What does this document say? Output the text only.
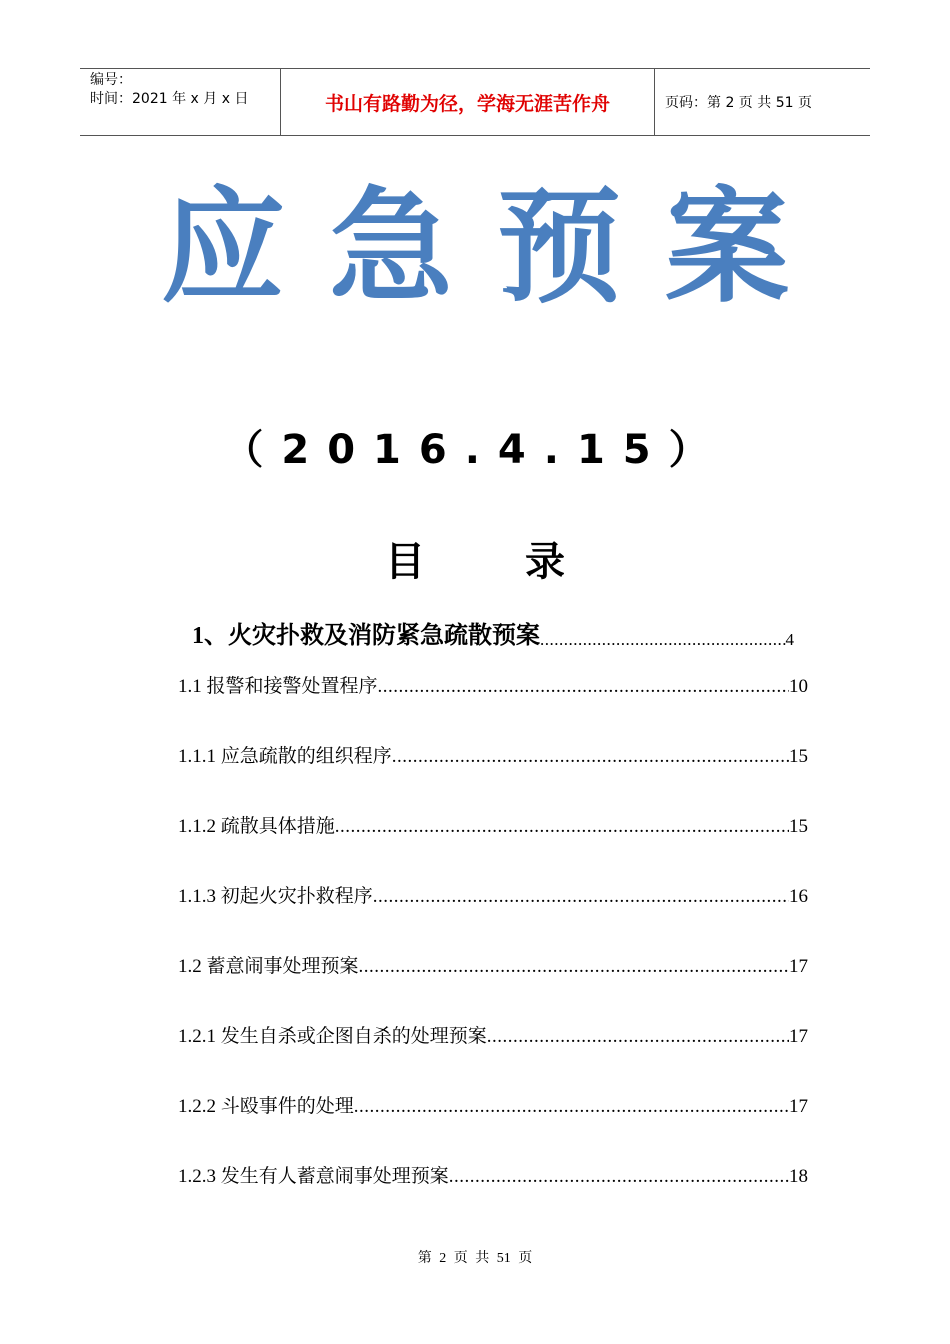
编号：
时间：2021 年 x 月 x 日	书山有路勤为径，学海无涯苦作舟	页码：第 2 页 共 51 页
应急预案
（2016.4.15）
目	录
1、火灾扑救及消防紧急疏散预案 .....	4
1.1 报警和接警处置程序 .....	10
1.1.1 应急疏散的组织程序 .....	15
1.1.2 疏散具体措施 .....	15
1.1.3 初起火灾扑救程序 .....	16
1.2 蓄意闹事处理预案 .....	17
1.2.1 发生自杀或企图自杀的处理预案 .....	17
1.2.2 斗殴事件的处理 .....	17
1.2.3 发生有人蓄意闹事处理预案 .....	18
第 2 页 共 51 页
